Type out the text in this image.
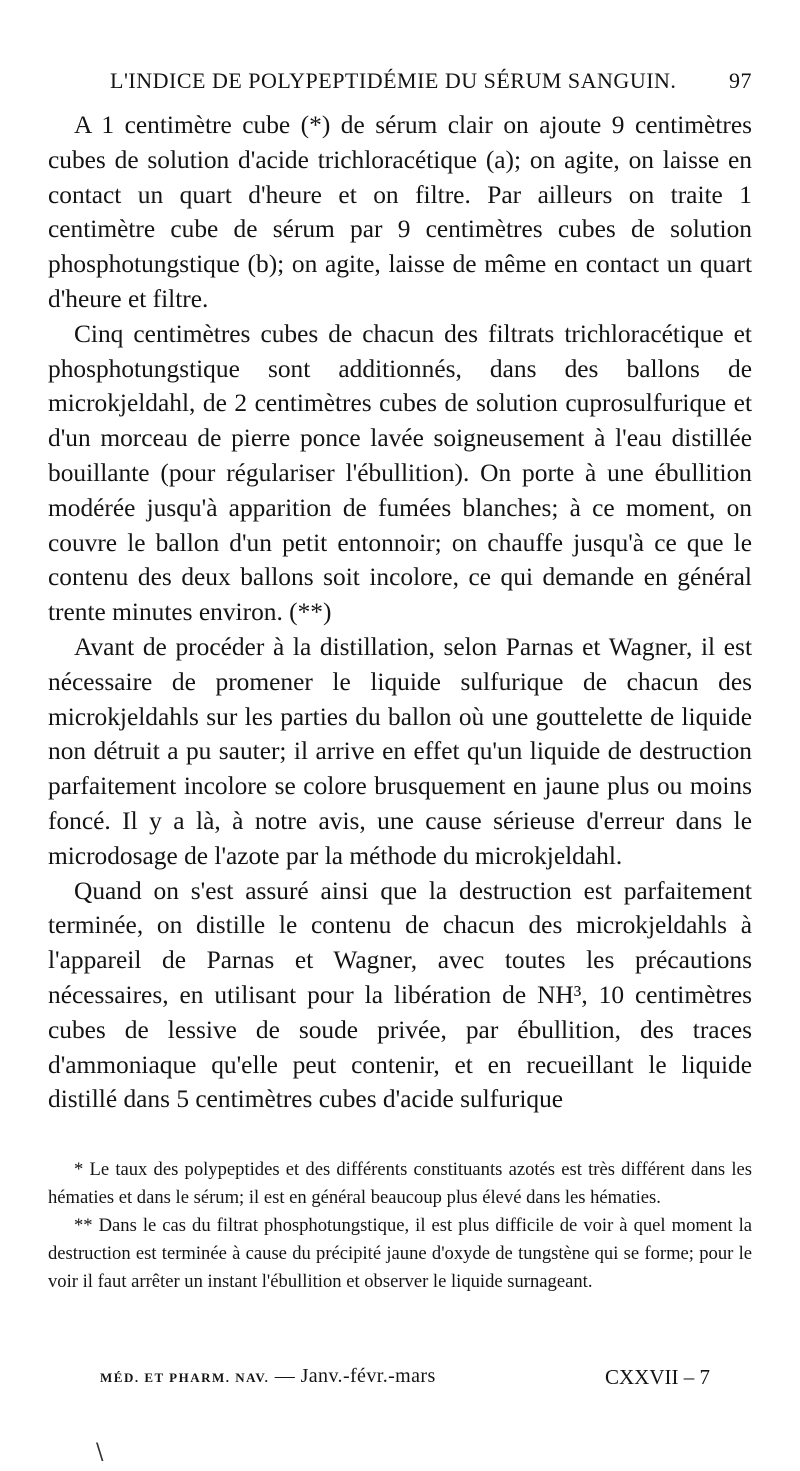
L'INDICE DE POLYPEPTIDÉMIE DU SÉRUM SANGUIN. 97

A 1 centimètre cube (*) de sérum clair on ajoute 9 centimètres cubes de solution d'acide trichloracétique (a); on agite, on laisse en contact un quart d'heure et on filtre. Par ailleurs on traite 1 centimètre cube de sérum par 9 centimètres cubes de solution phosphotungstique (b); on agite, laisse de même en contact un quart d'heure et filtre.

Cinq centimètres cubes de chacun des filtrats trichloracétique et phosphotungstique sont additionnés, dans des ballons de microkjeldahl, de 2 centimètres cubes de solution cuprosulfurique et d'un morceau de pierre ponce lavée soigneusement à l'eau distillée bouillante (pour régulariser l'ébullition). On porte à une ébullition modérée jusqu'à apparition de fumées blanches; à ce moment, on couvre le ballon d'un petit entonnoir; on chauffe jusqu'à ce que le contenu des deux ballons soit incolore, ce qui demande en général trente minutes environ. (**)

Avant de procéder à la distillation, selon Parnas et Wagner, il est nécessaire de promener le liquide sulfurique de chacun des microkjeldahls sur les parties du ballon où une gouttelette de liquide non détruit a pu sauter; il arrive en effet qu'un liquide de destruction parfaitement incolore se colore brusquement en jaune plus ou moins foncé. Il y a là, à notre avis, une cause sérieuse d'erreur dans le microdosage de l'azote par la méthode du microkjeldahl.

Quand on s'est assuré ainsi que la destruction est parfaitement terminée, on distille le contenu de chacun des microkjeldahls à l'appareil de Parnas et Wagner, avec toutes les précautions nécessaires, en utilisant pour la libération de NH³, 10 centimètres cubes de lessive de soude privée, par ébullition, des traces d'ammoniaque qu'elle peut contenir, et en recueillant le liquide distillé dans 5 centimètres cubes d'acide sulfurique

* Le taux des polypeptides et des différents constituants azotés est très différent dans les hématies et dans le sérum; il est en général beaucoup plus élevé dans les hématies.

** Dans le cas du filtrat phosphotungstique, il est plus difficile de voir à quel moment la destruction est terminée à cause du précipité jaune d'oxyde de tungstène qui se forme; pour le voir il faut arrêter un instant l'ébullition et observer le liquide surnageant.

MÉD. ET PHARM. NAV. — Janv.-févr.-mars	CXXVII – 7
\
